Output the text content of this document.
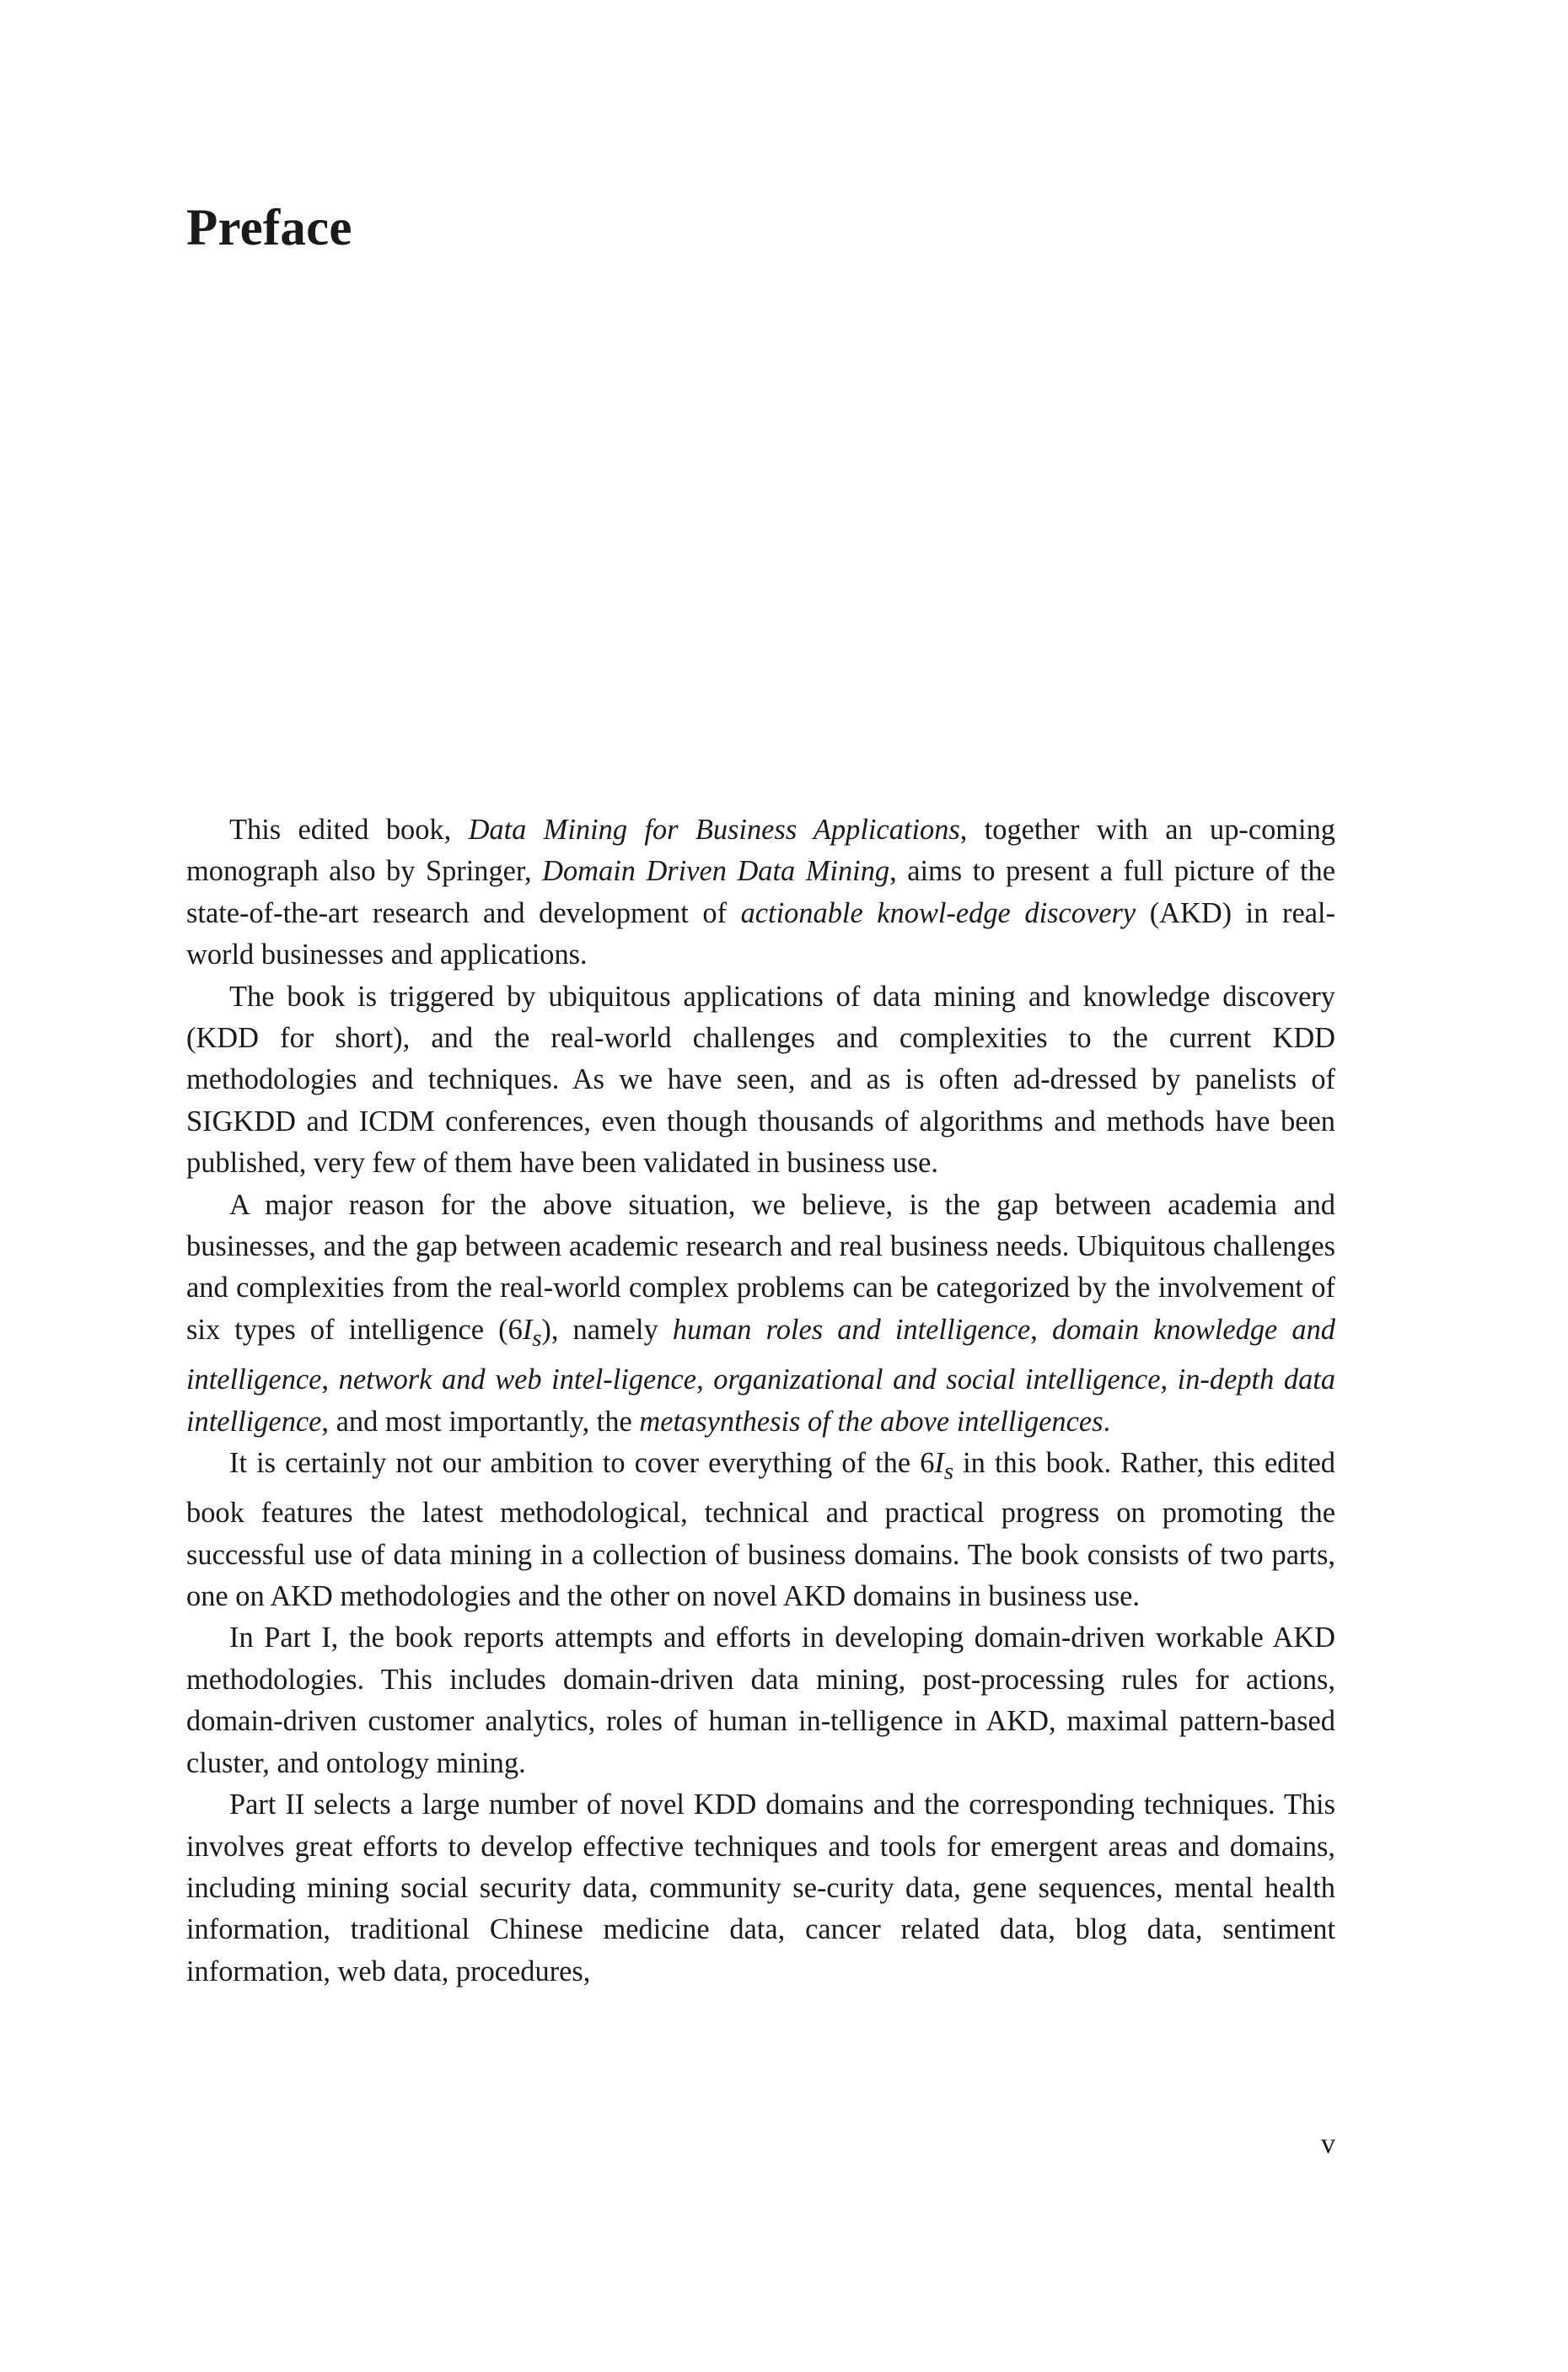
Preface

This edited book, Data Mining for Business Applications, together with an up-coming monograph also by Springer, Domain Driven Data Mining, aims to present a full picture of the state-of-the-art research and development of actionable knowl-edge discovery (AKD) in real-world businesses and applications.

The book is triggered by ubiquitous applications of data mining and knowledge discovery (KDD for short), and the real-world challenges and complexities to the current KDD methodologies and techniques. As we have seen, and as is often ad-dressed by panelists of SIGKDD and ICDM conferences, even though thousands of algorithms and methods have been published, very few of them have been validated in business use.

A major reason for the above situation, we believe, is the gap between academia and businesses, and the gap between academic research and real business needs. Ubiquitous challenges and complexities from the real-world complex problems can be categorized by the involvement of six types of intelligence $(6I_s)$, namely human roles and intelligence, domain knowledge and intelligence, network and web intel-ligence, organizational and social intelligence, in-depth data intelligence, and most importantly, the metasynthesis of the above intelligences.

It is certainly not our ambition to cover everything of the $6I_s$ in this book. Rather, this edited book features the latest methodological, technical and practical progress on promoting the successful use of data mining in a collection of business domains. The book consists of two parts, one on AKD methodologies and the other on novel AKD domains in business use.

In Part I, the book reports attempts and efforts in developing domain-driven workable AKD methodologies. This includes domain-driven data mining, post-processing rules for actions, domain-driven customer analytics, roles of human in-telligence in AKD, maximal pattern-based cluster, and ontology mining.

Part II selects a large number of novel KDD domains and the corresponding techniques. This involves great efforts to develop effective techniques and tools for emergent areas and domains, including mining social security data, community se-curity data, gene sequences, mental health information, traditional Chinese medicine data, cancer related data, blog data, sentiment information, web data, procedures,

v
